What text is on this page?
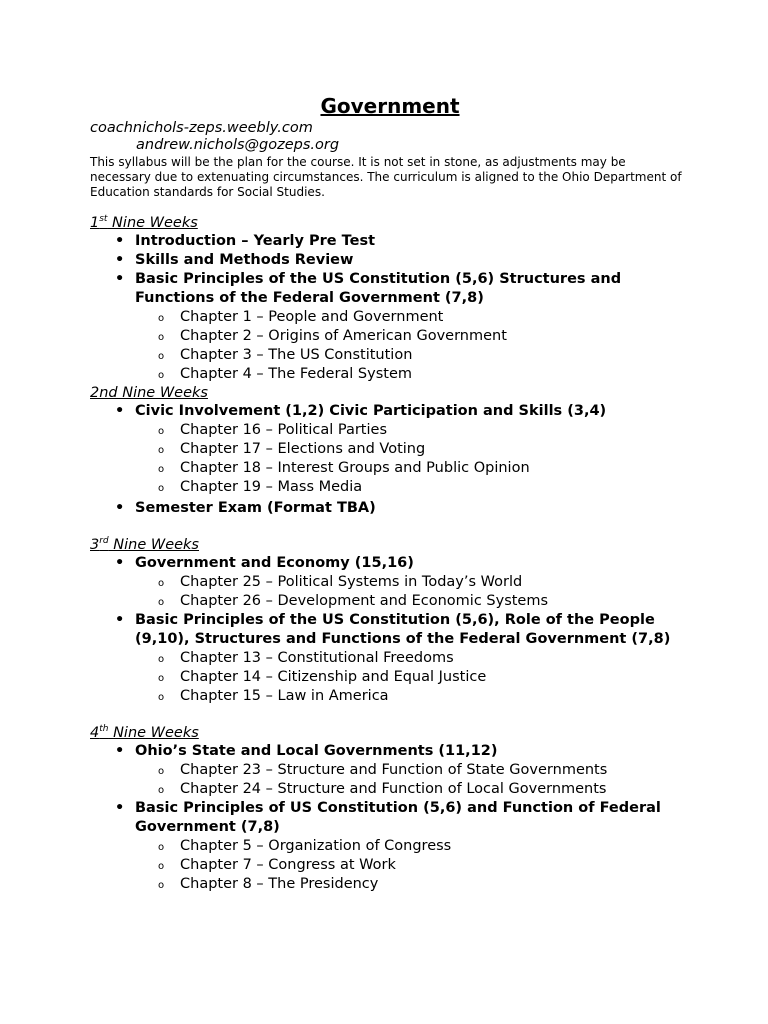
Government
coachnichols-zeps.weebly.com
andrew.nichols@gozeps.org
This syllabus will be the plan for the course. It is not set in stone, as adjustments may be necessary due to extenuating circumstances. The curriculum is aligned to the Ohio Department of Education standards for Social Studies.
1st Nine Weeks
• Introduction – Yearly Pre Test
• Skills and Methods Review
• Basic Principles of the US Constitution (5,6) Structures and Functions of the Federal Government (7,8)
o Chapter 1 – People and Government
o Chapter 2 – Origins of American Government
o Chapter 3 – The US Constitution
o Chapter 4 – The Federal System
2nd Nine Weeks
• Civic Involvement (1,2) Civic Participation and Skills (3,4)
o Chapter 16 – Political Parties
o Chapter 17 – Elections and Voting
o Chapter 18 – Interest Groups and Public Opinion
o Chapter 19 – Mass Media
• Semester Exam (Format TBA)
3rd Nine Weeks
• Government and Economy (15,16)
o Chapter 25 – Political Systems in Today’s World
o Chapter 26 – Development and Economic Systems
• Basic Principles of the US Constitution (5,6), Role of the People (9,10), Structures and Functions of the Federal Government (7,8)
o Chapter 13 – Constitutional Freedoms
o Chapter 14 – Citizenship and Equal Justice
o Chapter 15 – Law in America
4th Nine Weeks
• Ohio’s State and Local Governments (11,12)
o Chapter 23 – Structure and Function of State Governments
o Chapter 24 – Structure and Function of Local Governments
• Basic Principles of US Constitution (5,6) and Function of Federal Government (7,8)
o Chapter 5 – Organization of Congress
o Chapter 7 – Congress at Work
o Chapter 8 – The Presidency
